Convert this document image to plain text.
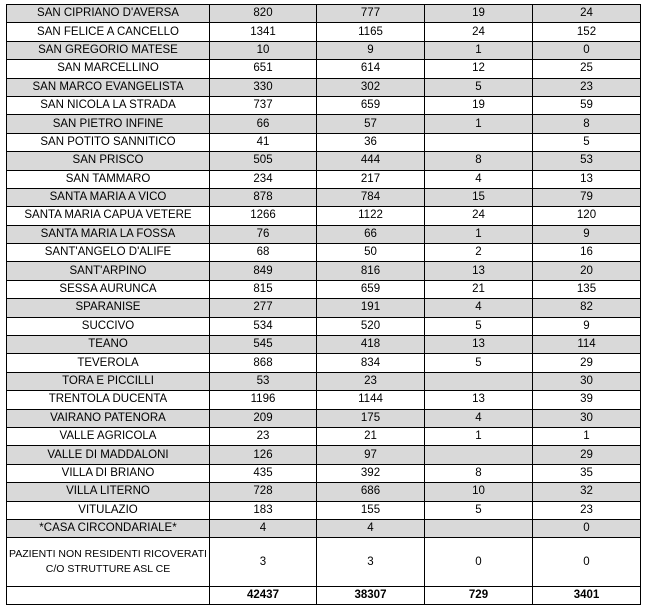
SAN CIPRIANO D'AVERSA	820	777	19	24
SAN FELICE A CANCELLO	1341	1165	24	152
SAN GREGORIO MATESE	10	9	1	0
SAN MARCELLINO	651	614	12	25
SAN MARCO EVANGELISTA	330	302	5	23
SAN NICOLA LA STRADA	737	659	19	59
SAN PIETRO INFINE	66	57	1	8
SAN POTITO SANNITICO	41	36		5
SAN PRISCO	505	444	8	53
SAN TAMMARO	234	217	4	13
SANTA MARIA A VICO	878	784	15	79
SANTA MARIA CAPUA VETERE	1266	1122	24	120
SANTA MARIA LA FOSSA	76	66	1	9
SANT'ANGELO D'ALIFE	68	50	2	16
SANT'ARPINO	849	816	13	20
SESSA AURUNCA	815	659	21	135
SPARANISE	277	191	4	82
SUCCIVO	534	520	5	9
TEANO	545	418	13	114
TEVEROLA	868	834	5	29
TORA E PICCILLI	53	23		30
TRENTOLA DUCENTA	1196	1144	13	39
VAIRANO PATENORA	209	175	4	30
VALLE AGRICOLA	23	21	1	1
VALLE DI MADDALONI	126	97		29
VILLA DI BRIANO	435	392	8	35
VILLA LITERNO	728	686	10	32
VITULAZIO	183	155	5	23
*CASA CIRCONDARIALE*	4	4		0
PAZIENTI NON RESIDENTI RICOVERATI C/O STRUTTURE ASL CE	3	3	0	0
	42437	38307	729	3401
